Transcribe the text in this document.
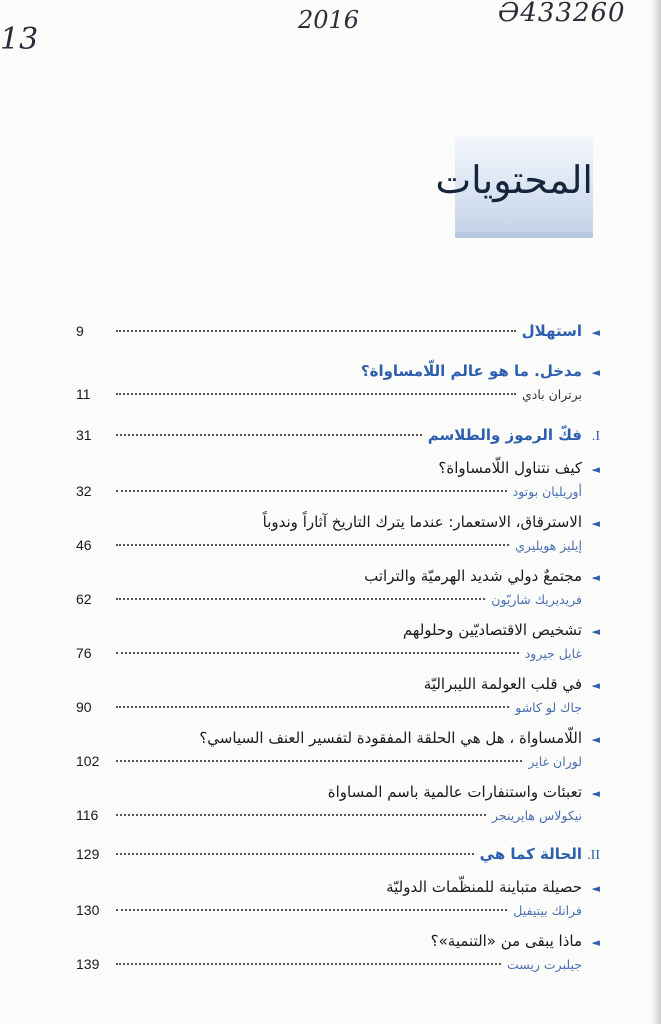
13
2016	Ə433260
المحتويات
◄
استهلال
9
◄
مدخل. ما هو عالم اللّامساواة؟
برتران بادي
11
I.
فكّ الرموز والطلاسم
31
◄
كيف نتناول اللّامساواة؟
أوريليان بوتود
32
◄
الاسترقاق، الاستعمار: عندما يترك التاريخ آثاراً وندوباً
إيليز هويليري
46
◄
مجتمعٌ دولي شديد الهرميّة والتراتب
فريديريك شاريّون
62
◄
تشخيص الاقتصاديّين وحلولهم
غايل جيرود
76
◄
في قلب العولمة الليبراليّة
جاك لو كاشو
90
◄
اللّامساواة ، هل هي الحلقة المفقودة لتفسير العنف السياسي؟
لوران غاير
102
◄
تعبئات واستنفارات عالمية باسم المساواة
نيكولاس هايرينجر
116
II.
الحالة كما هي
129
◄
حصيلة متباينة للمنظّمات الدوليّة
فرانك بيتيفيل
130
◄
ماذا يبقى من «التنمية»؟
جيلبرت ريست
139
